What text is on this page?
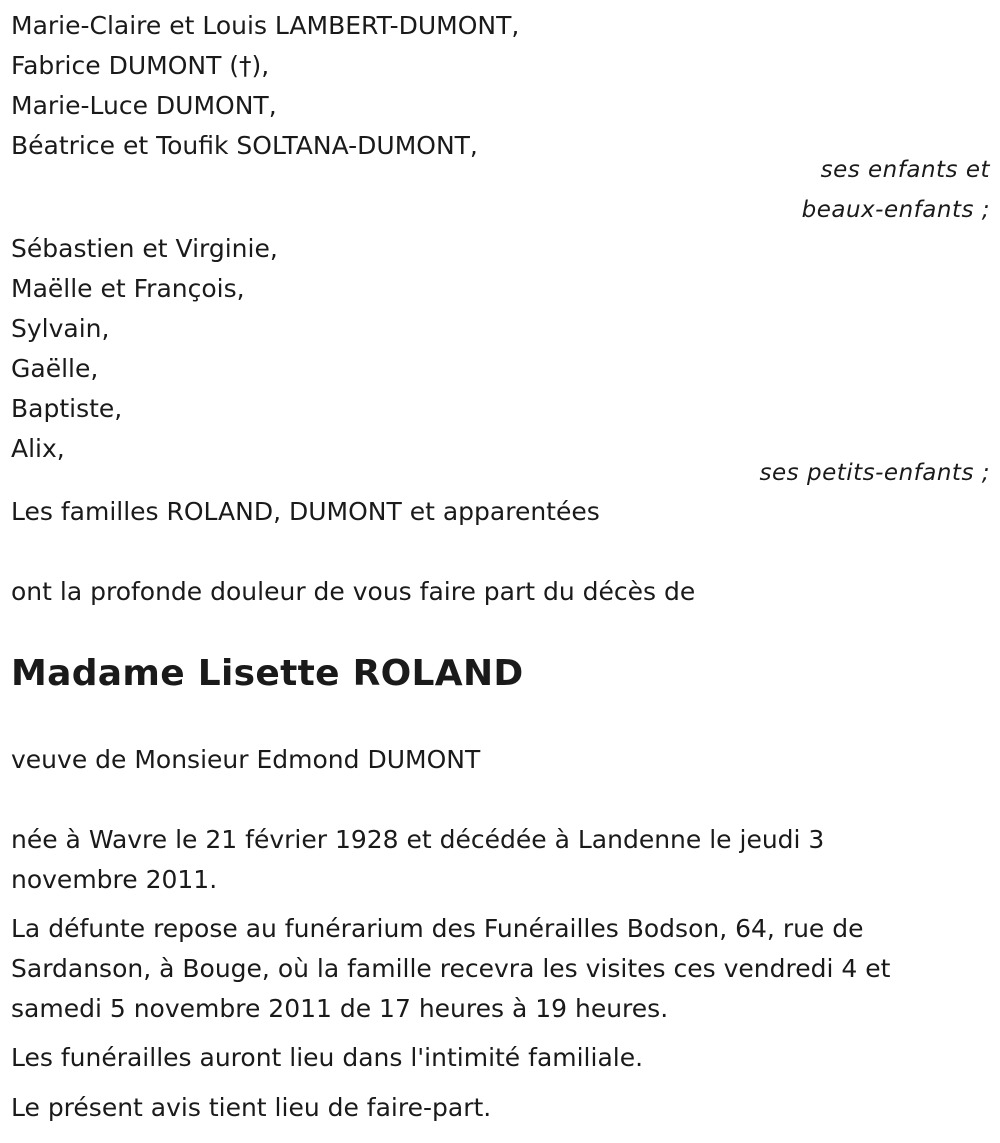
Marie-Claire et Louis LAMBERT-DUMONT,

Fabrice DUMONT (†),

Marie-Luce DUMONT,

Béatrice et Toufik SOLTANA-DUMONT,

ses enfants et

beaux-enfants ;

Sébastien et Virginie,

Maëlle et François,

Sylvain,

Gaëlle,

Baptiste,

Alix,

ses petits-enfants ;

Les familles ROLAND, DUMONT et apparentées

ont la profonde douleur de vous faire part du décès de

Madame Lisette ROLAND

veuve de Monsieur Edmond DUMONT

née à Wavre le 21 février 1928 et décédée à Landenne le jeudi 3 novembre 2011.

La défunte repose au funérarium des Funérailles Bodson, 64, rue de Sardanson, à Bouge, où la famille recevra les visites ces vendredi 4 et samedi 5 novembre 2011 de 17 heures à 19 heures.

Les funérailles auront lieu dans l'intimité familiale.

Le présent avis tient lieu de faire-part.
